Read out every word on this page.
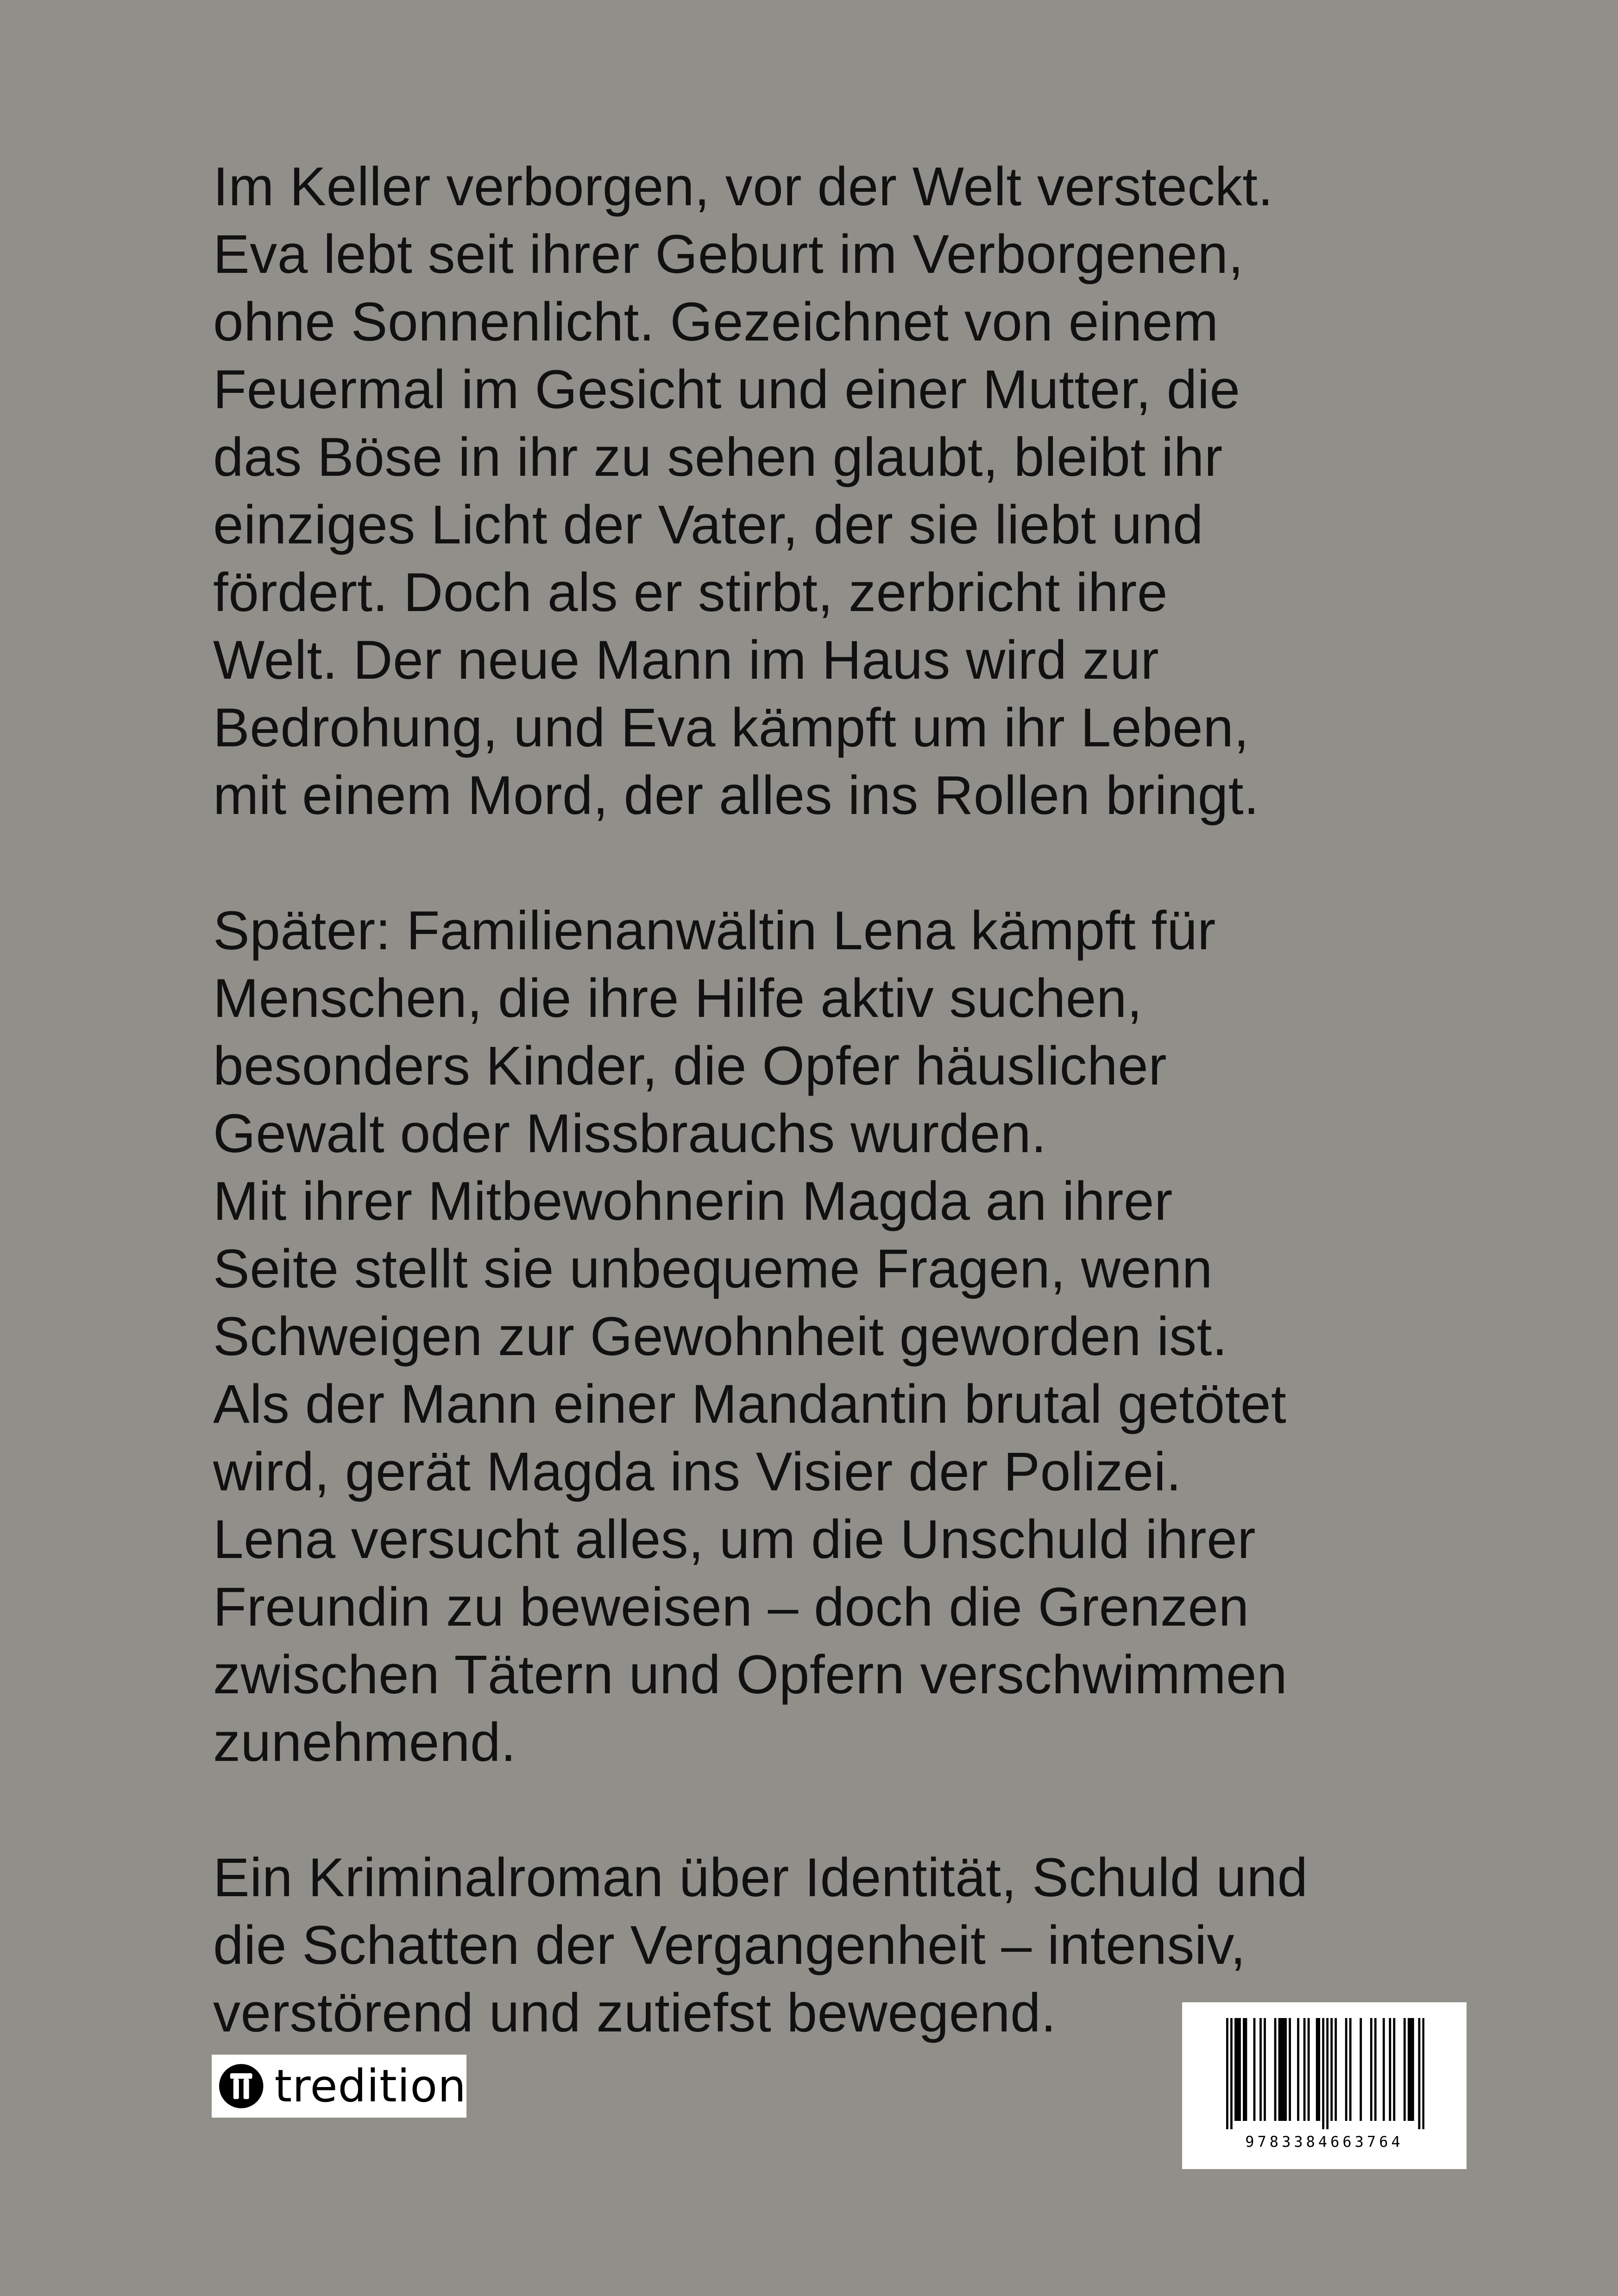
Im Keller verborgen, vor der Welt versteckt.
Eva lebt seit ihrer Geburt im Verborgenen,
ohne Sonnenlicht. Gezeichnet von einem
Feuermal im Gesicht und einer Mutter, die
das Böse in ihr zu sehen glaubt, bleibt ihr
einziges Licht der Vater, der sie liebt und
fördert. Doch als er stirbt, zerbricht ihre
Welt. Der neue Mann im Haus wird zur
Bedrohung, und Eva kämpft um ihr Leben,
mit einem Mord, der alles ins Rollen bringt.

Später: Familienanwältin Lena kämpft für
Menschen, die ihre Hilfe aktiv suchen,
besonders Kinder, die Opfer häuslicher
Gewalt oder Missbrauchs wurden.
Mit ihrer Mitbewohnerin Magda an ihrer
Seite stellt sie unbequeme Fragen, wenn
Schweigen zur Gewohnheit geworden ist.
Als der Mann einer Mandantin brutal getötet
wird, gerät Magda ins Visier der Polizei.
Lena versucht alles, um die Unschuld ihrer
Freundin zu beweisen – doch die Grenzen
zwischen Tätern und Opfern verschwimmen
zunehmend.

Ein Kriminalroman über Identität, Schuld und
die Schatten der Vergangenheit – intensiv,
verstörend und zutiefst bewegend.

tredition
9783384663764
